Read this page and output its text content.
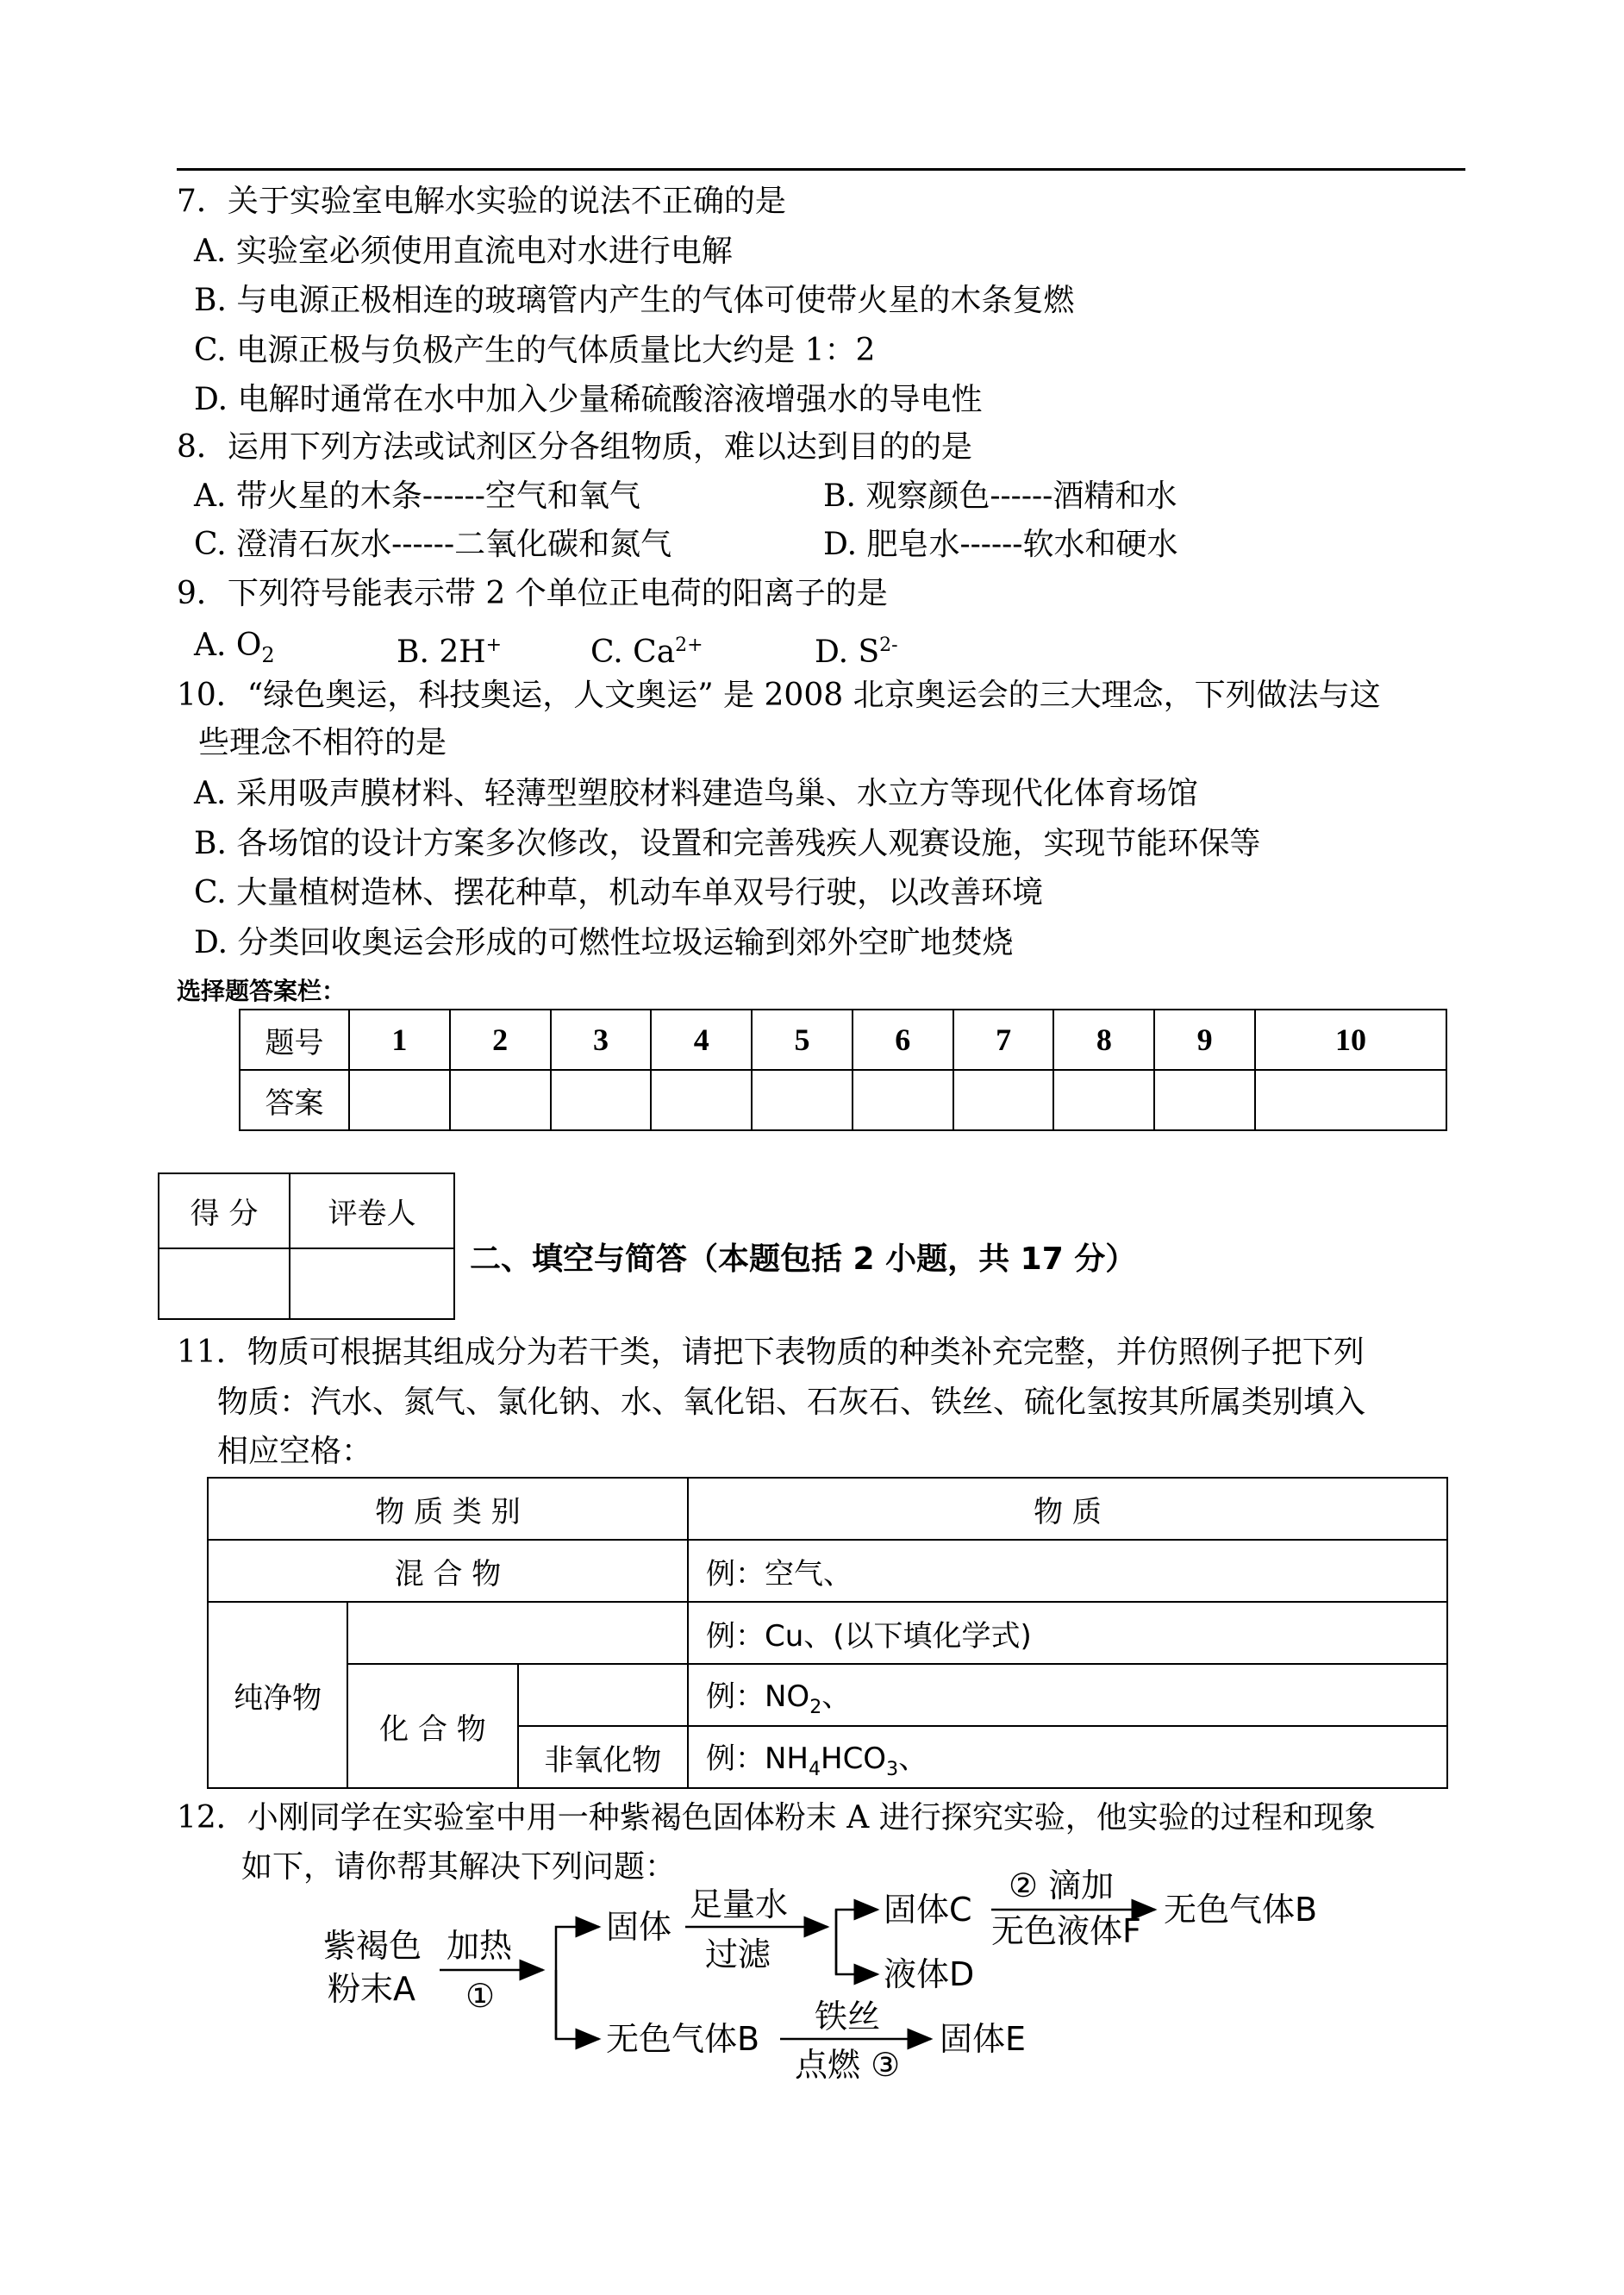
7．关于实验室电解水实验的说法不正确的是
A. 实验室必须使用直流电对水进行电解
B. 与电源正极相连的玻璃管内产生的气体可使带火星的木条复燃
C. 电源正极与负极产生的气体质量比大约是 1：2
D. 电解时通常在水中加入少量稀硫酸溶液增强水的导电性
8．运用下列方法或试剂区分各组物质，难以达到目的的是
A. 带火星的木条------空气和氧气	B. 观察颜色------酒精和水
C. 澄清石灰水------二氧化碳和氮气	D. 肥皂水------软水和硬水
9．下列符号能表示带 2 个单位正电荷的阳离子的是
A. $O_2$	B. 2H+	C. $Ca^{2+}$	D. $S^{2-}$
10．“绿色奥运，科技奥运，人文奥运” 是 2008 北京奥运会的三大理念，下列做法与这
些理念不相符的是
A. 采用吸声膜材料、轻薄型塑胶材料建造鸟巢、水立方等现代化体育场馆
B. 各场馆的设计方案多次修改，设置和完善残疾人观赛设施，实现节能环保等
C. 大量植树造林、摆花种草，机动车单双号行驶，以改善环境
D. 分类回收奥运会形成的可燃性垃圾运输到郊外空旷地焚烧
选择题答案栏：
题号	1	2	3	4	5	6	7	8	9	10
答案										
得 分	评卷人

二、填空与简答（本题包括 2 小题，共 17 分）
11．物质可根据其组成分为若干类，请把下表物质的种类补充完整，并仿照例子把下列
物质：汽水、氮气、氯化钠、水、氧化铝、石灰石、铁丝、硫化氢按其所属类别填入
相应空格：
物 质 类 别			物 质
混 合 物			例：空气、
纯净物			例：Cu、(以下填化学式)
	化 合 物		例：$NO_2$、
		非氧化物	例：$NH_4HCO_3$、
12．小刚同学在实验室中用一种紫褐色固体粉末 A 进行探究实验，他实验的过程和现象
如下，请你帮其解决下列问题：
紫褐色
粉末A
加热
①
固体
足量水
过滤
固体C
液体D
② 滴加
无色液体F
无色气体B
无色气体B
铁丝
点燃 ③
固体E
